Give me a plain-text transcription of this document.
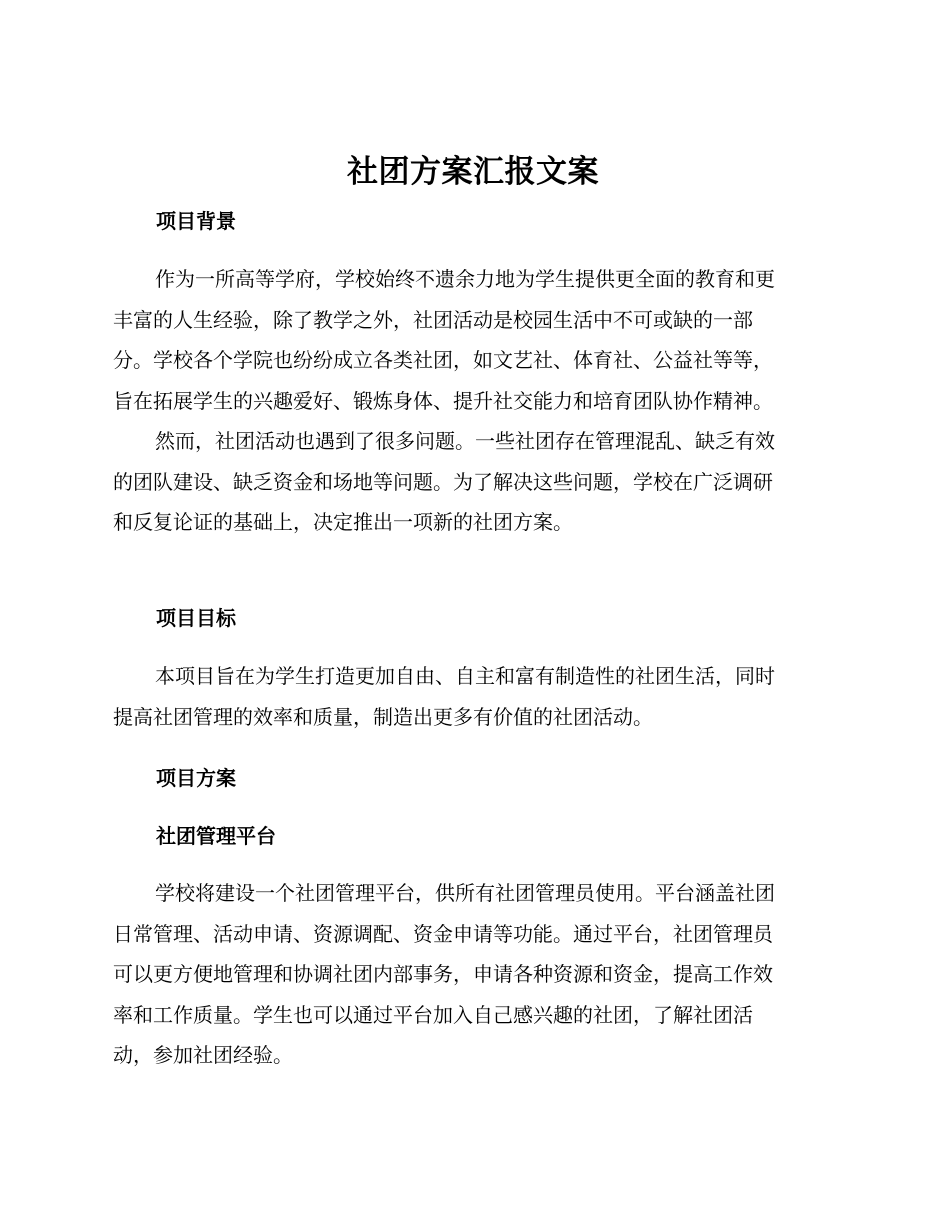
社团方案汇报文案
项目背景
作为一所高等学府，学校始终不遗余力地为学生提供更全面的教育和更
丰富的人生经验，除了教学之外，社团活动是校园生活中不可或缺的一部
分。学校各个学院也纷纷成立各类社团，如文艺社、体育社、公益社等等，
旨在拓展学生的兴趣爱好、锻炼身体、提升社交能力和培育团队协作精神。
然而，社团活动也遇到了很多问题。一些社团存在管理混乱、缺乏有效
的团队建设、缺乏资金和场地等问题。为了解决这些问题，学校在广泛调研
和反复论证的基础上，决定推出一项新的社团方案。
项目目标
本项目旨在为学生打造更加自由、自主和富有制造性的社团生活，同时
提高社团管理的效率和质量，制造出更多有价值的社团活动。
项目方案
社团管理平台
学校将建设一个社团管理平台，供所有社团管理员使用。平台涵盖社团
日常管理、活动申请、资源调配、资金申请等功能。通过平台，社团管理员
可以更方便地管理和协调社团内部事务，申请各种资源和资金，提高工作效
率和工作质量。学生也可以通过平台加入自己感兴趣的社团，了解社团活
动，参加社团经验。
